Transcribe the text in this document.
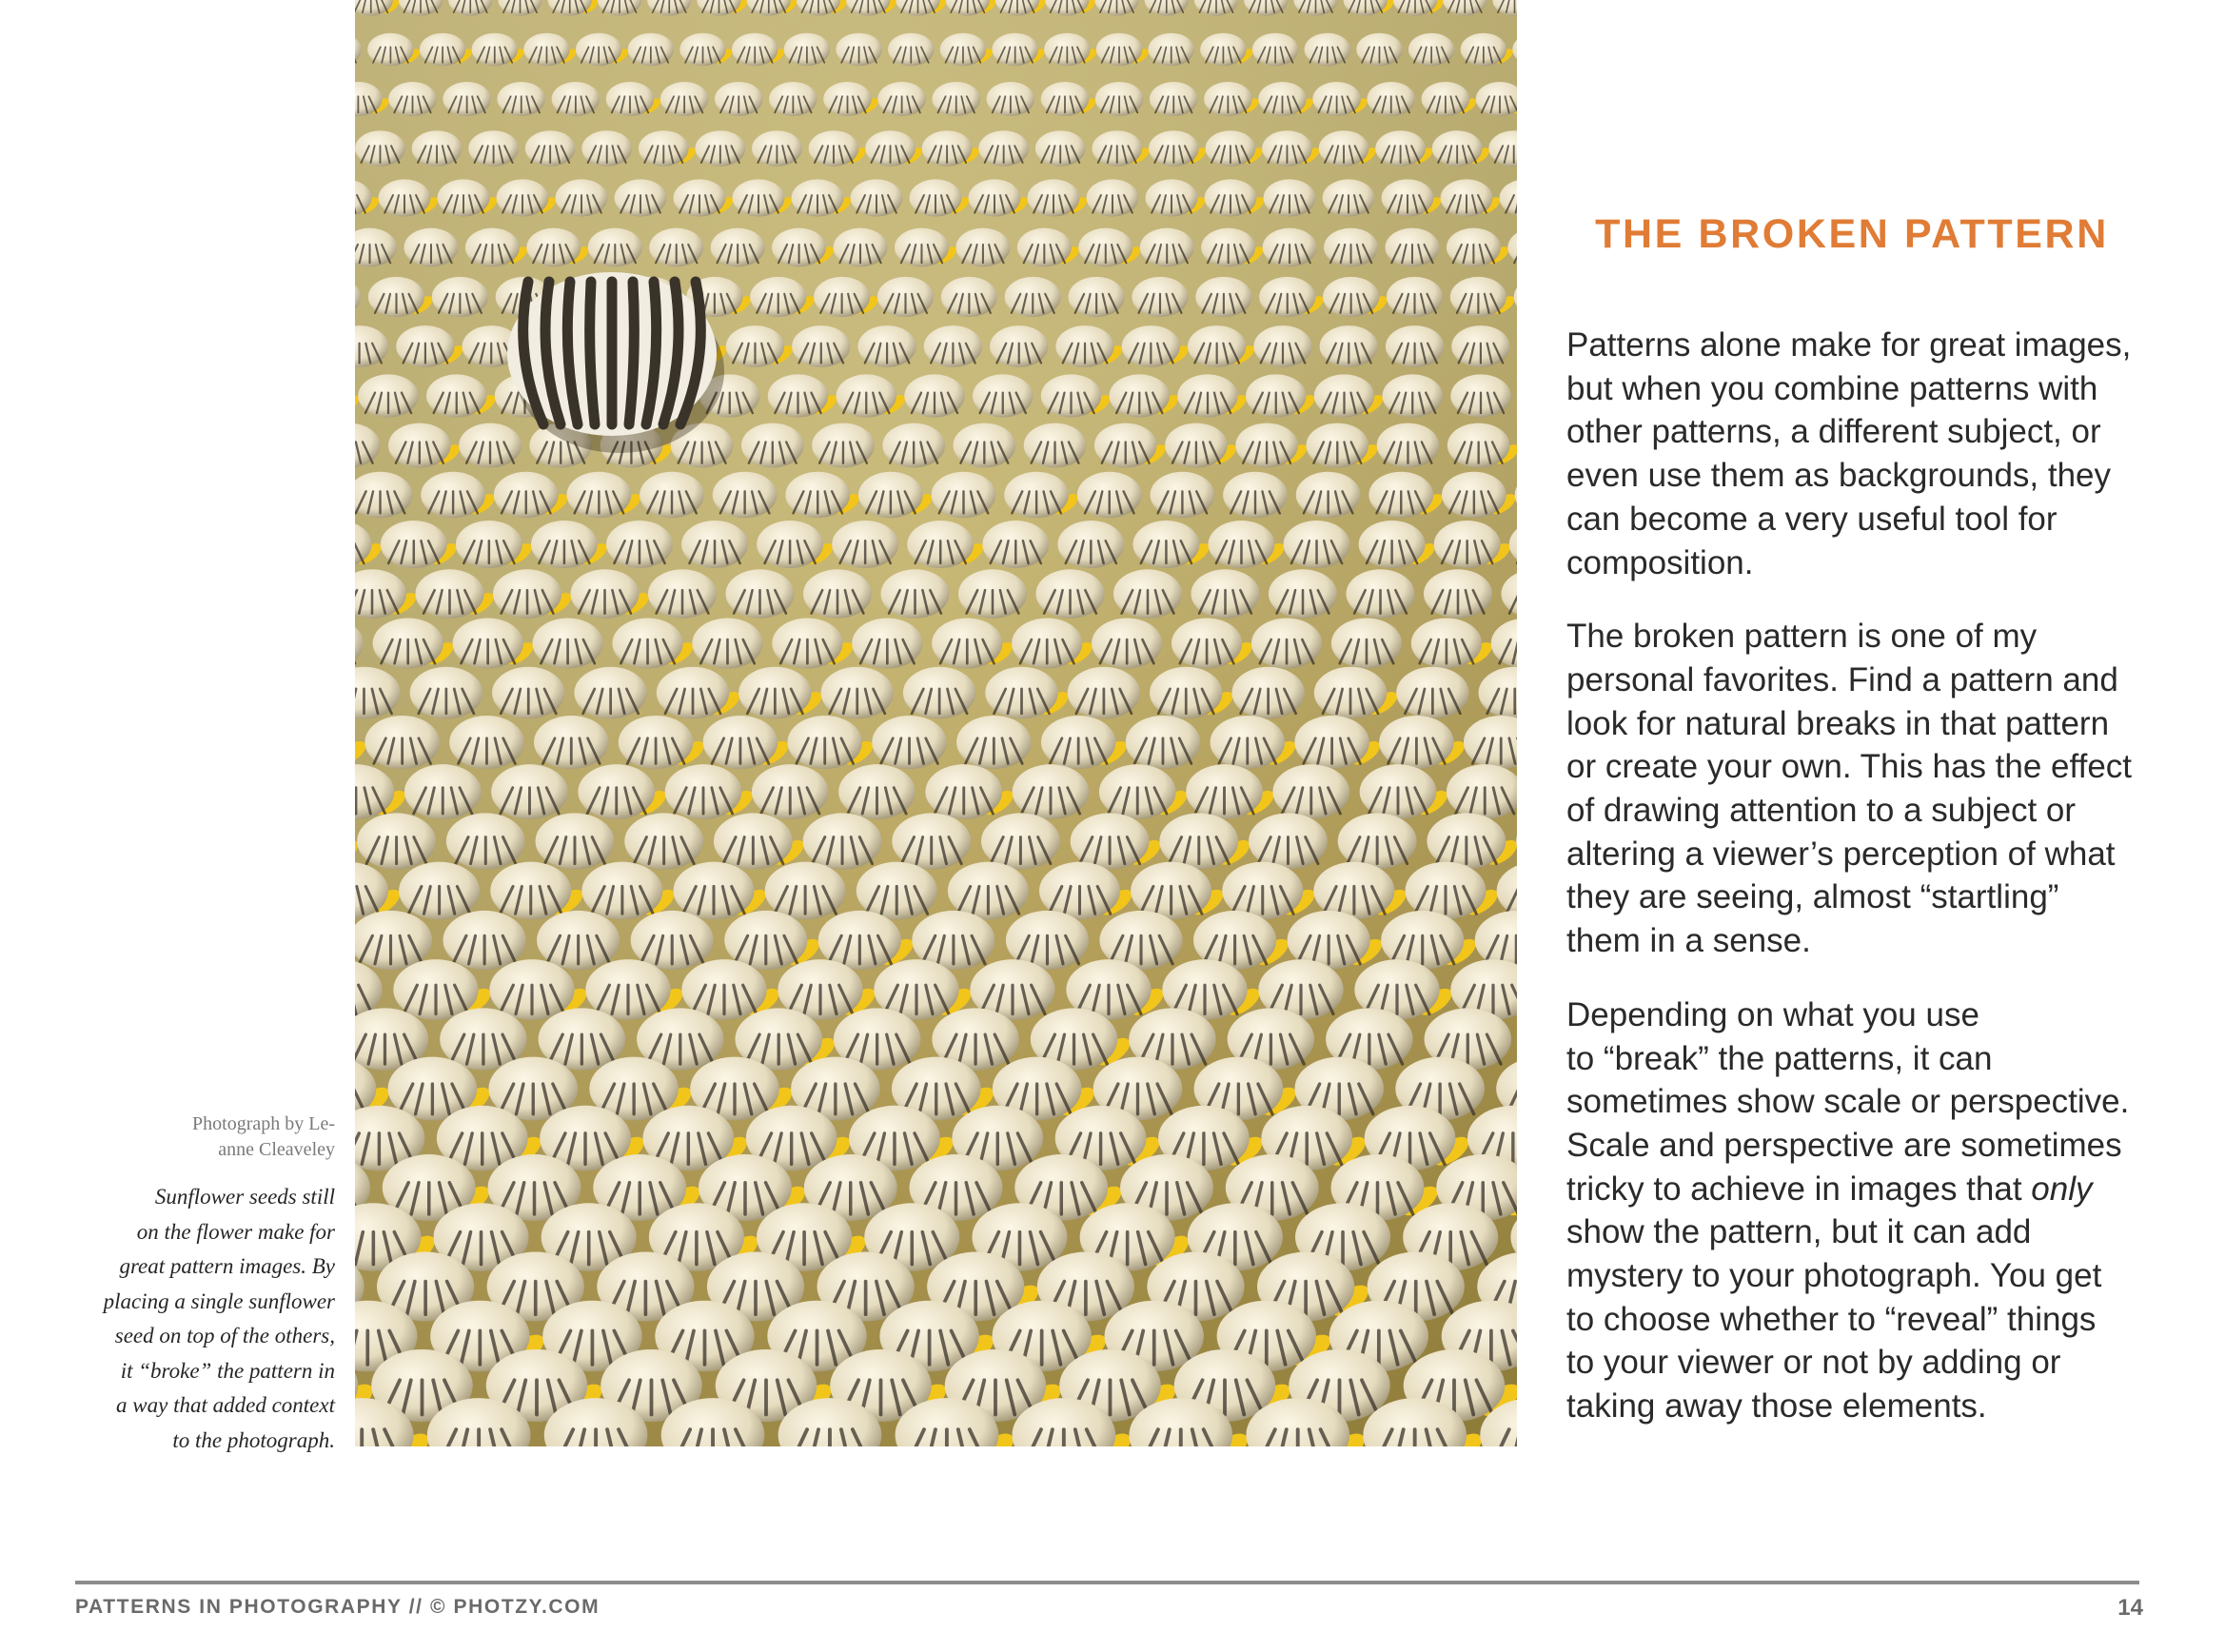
Photograph by Le-
anne Cleaveley
Sunflower seeds still
on the flower make for
great pattern images. By
placing a single sunflower
seed on top of the others,
it “broke” the pattern in
a way that added context
to the photograph.
THE BROKEN PATTERN

Patterns alone make for great images,
but when you combine patterns with
other patterns, a different subject, or
even use them as backgrounds, they
can become a very useful tool for
composition.

The broken pattern is one of my
personal favorites. Find a pattern and
look for natural breaks in that pattern
or create your own. This has the effect
of drawing attention to a subject or
altering a viewer’s perception of what
they are seeing, almost “startling”
them in a sense.

Depending on what you use
to “break” the patterns, it can
sometimes show scale or perspective.
Scale and perspective are sometimes
tricky to achieve in images that only
show the pattern, but it can add
mystery to your photograph. You get
to choose whether to “reveal” things
to your viewer or not by adding or
taking away those elements.

PATTERNS IN PHOTOGRAPHY // © PHOTZY.COM	14
